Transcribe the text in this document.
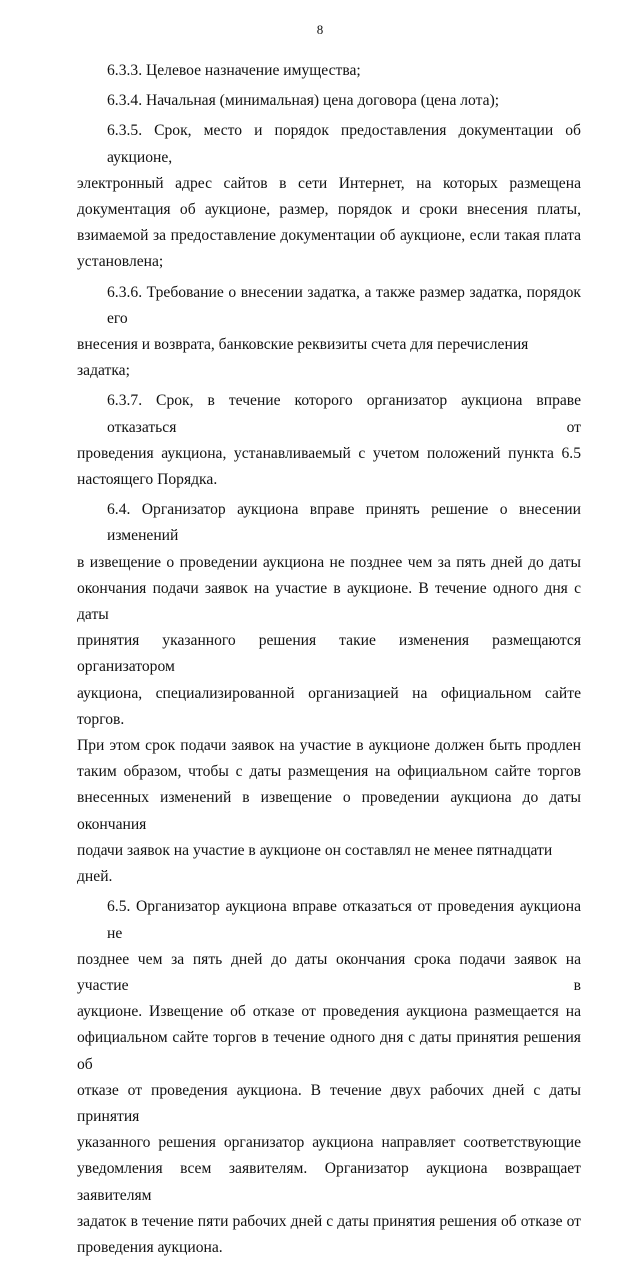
8
6.3.3. Целевое назначение имущества;
6.3.4. Начальная (минимальная) цена договора (цена лота);
6.3.5. Срок, место и порядок предоставления документации об аукционе,
электронный адрес сайтов в сети Интернет, на которых размещена
документация об аукционе, размер, порядок и сроки внесения платы,
взимаемой за предоставление документации об аукционе, если такая плата
установлена;
6.3.6. Требование о внесении задатка, а также размер задатка, порядок его
внесения и возврата, банковские реквизиты счета для перечисления задатка;
6.3.7. Срок, в течение которого организатор аукциона вправе отказаться от
проведения аукциона, устанавливаемый с учетом положений пункта 6.5
настоящего Порядка.
6.4. Организатор аукциона вправе принять решение о внесении изменений
в извещение о проведении аукциона не позднее чем за пять дней до даты
окончания подачи заявок на участие в аукционе. В течение одного дня с даты
принятия указанного решения такие изменения размещаются организатором
аукциона, специализированной организацией на официальном сайте торгов.
При этом срок подачи заявок на участие в аукционе должен быть продлен
таким образом, чтобы с даты размещения на официальном сайте торгов
внесенных изменений в извещение о проведении аукциона до даты окончания
подачи заявок на участие в аукционе он составлял не менее пятнадцати дней.
6.5. Организатор аукциона вправе отказаться от проведения аукциона не
позднее чем за пять дней до даты окончания срока подачи заявок на участие в
аукционе. Извещение об отказе от проведения аукциона размещается на
официальном сайте торгов в течение одного дня с даты принятия решения об
отказе от проведения аукциона. В течение двух рабочих дней с даты принятия
указанного решения организатор аукциона направляет соответствующие
уведомления всем заявителям. Организатор аукциона возвращает заявителям
задаток в течение пяти рабочих дней с даты принятия решения об отказе от
проведения аукциона.
